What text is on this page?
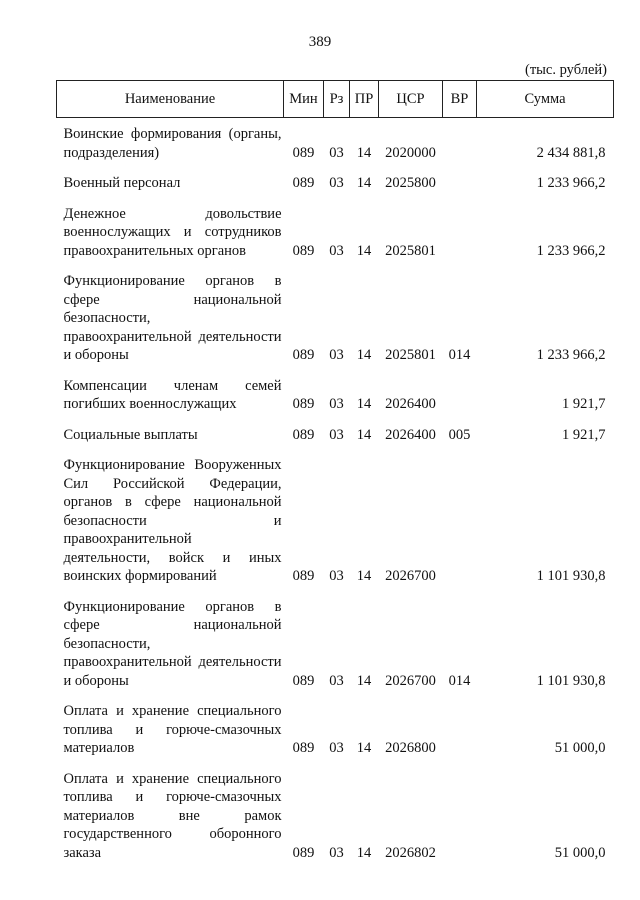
389
(тыс. рублей)
Наименование	Мин	Рз	ПР	ЦСР	ВР	Сумма
Воинские формирования (органы, подразделения)	089	03	14	2020000		2 434 881,8
Военный персонал	089	03	14	2025800		1 233 966,2
Денежное довольствие военнослужащих и сотрудников правоохранительных органов	089	03	14	2025801		1 233 966,2
Функционирование органов в сфере национальной безопасности, правоохранительной деятельности и обороны	089	03	14	2025801	014	1 233 966,2
Компенсации членам семей погибших военнослужащих	089	03	14	2026400		1 921,7
Социальные выплаты	089	03	14	2026400	005	1 921,7
Функционирование Вооруженных Сил Российской Федерации, органов в сфере национальной безопасности и правоохранительной деятельности, войск и иных воинских формирований	089	03	14	2026700		1 101 930,8
Функционирование органов в сфере национальной безопасности, правоохранительной деятельности и обороны	089	03	14	2026700	014	1 101 930,8
Оплата и хранение специального топлива и горюче-смазочных материалов	089	03	14	2026800		51 000,0
Оплата и хранение специального топлива и горюче-смазочных материалов вне рамок государственного оборонного заказа	089	03	14	2026802		51 000,0
